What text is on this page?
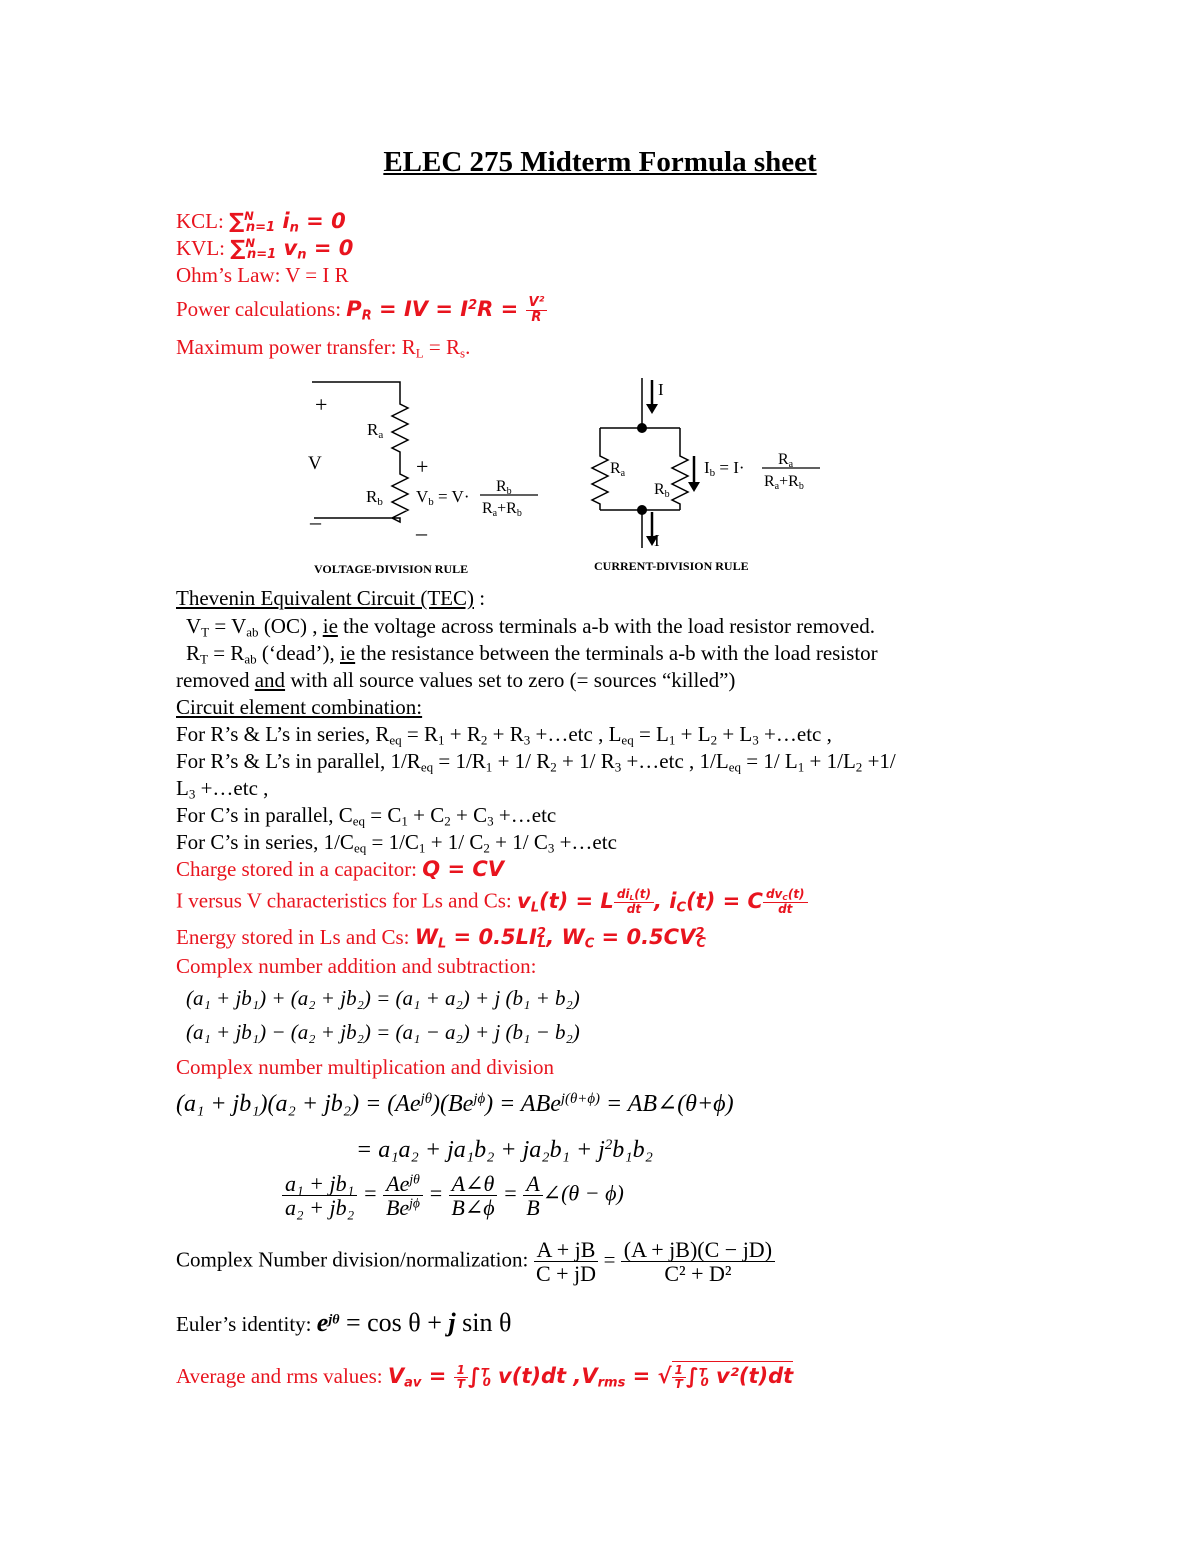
ELEC 275 Midterm Formula sheet
KCL: ∑$^N_{n=1}$ $i_n = 0$
KVL: ∑$^N_{n=1}$ $v_n = 0$
Ohm’s Law: V = I R
Power calculations: $P_R$ = IV = $I^2R = \frac{\text{V²}}{R}$
Maximum power transfer: $R_L = R_s$.
+
–
V
Ra
Rb
+
–
Vb = V·
Rb
Ra+Rb
VOLTAGE-DIVISION RULE
I
I
Ra
Rb
Ib = I· Ra
Ra+Rb
CURRENT-DIVISION RULE
Thevenin Equivalent Circuit (TEC) :
$V_T = V_{ab}$ (OC) , ie the voltage across terminals a-b with the load resistor removed.
$R_T = R_{ab}$ (‘dead’), ie the resistance between the terminals a-b with the load resistor
removed and with all source values set to zero (= sources “killed”)
Circuit element combination:
For R’s & L’s in series, $R_{eq} = R_1 + R_2 + R_3$ +…etc , $L_{eq} = L_1 + L_2 + L_3$ +…etc ,
For R’s & L’s in parallel, $1/R_{eq} = 1/R_1 + 1/$ $R_2 + 1/$ $R_3$ +…etc , $1/L_{eq} = 1/$ $L_1 + 1/L_2 +1/$
$L_3$ +…etc ,
For C’s in parallel, $C_{eq} = C_1 + C_2 + C_3$ +…etc
For C’s in series, $1/C_{eq} = 1/C_1 + 1/$ $C_2 + 1/$ $C_3$ +…etc
Charge stored in a capacitor: Q = CV
I versus V characteristics for Ls and Cs: $v_L(t) = L \frac{di_L(t)}{dt}$ , $i_C(t) = C \frac{dv_C(t)}{dt}$
Energy stored in Ls and Cs: $W_L = 0.5LI^2_L$, $W_C = 0.5CV^2_C$
Complex number addition and subtraction:
(a₁ + jb₁) + (a₂ + jb₂) = (a₁ + a₂) + j (b₁ + b₂)
(a₁ + jb₁) − (a₂ + jb₂) = (a₁ − a₂) + j (b₁ − b₂)
Complex number multiplication and division
$(a_1 + jb_1)(a_2 + jb_2) = (Ae^{j\theta})(Be^{j\phi}) = ABe^{j(\theta+\phi)}$ = AB∠(θ+ϕ)
= $a_1a_2 + ja_1b_2 + ja_2b_1 + j^2b_1b_2$
$\frac{\text{a₁ + jb₁}}{\text{a₂ + jb₂}} = \frac{Ae^{j\theta}}{Be^{j\phi}} = \frac{A\angle\theta}{B\angle\phi} = \frac{A}{B}$ ∠(θ − ϕ)
Complex Number division/normalization: $\frac{A + jB}{C + jD} = \frac{(A + jB)(C - jD)}{\text{C² + D²}}$
Euler’s identity: $e^{j\theta} = \cos \theta + j$ sin θ
Average and rms values: $V_{av} = \frac{1}{T} \int^T_0$ v(t)dt $,V_{rms}$ = √ $\frac{1}{T} \int^T_0$ v²(t)dt
